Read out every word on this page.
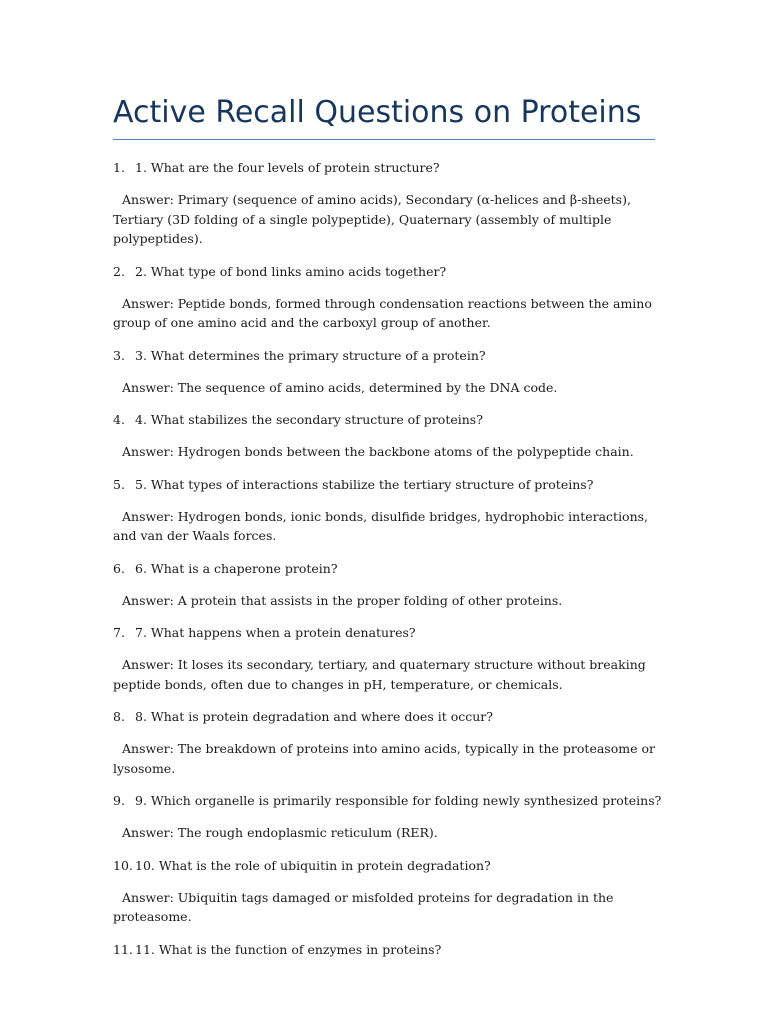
Active Recall Questions on Proteins
1. 1. What are the four levels of protein structure?

Answer: Primary (sequence of amino acids), Secondary (α-helices and β-sheets), Tertiary (3D folding of a single polypeptide), Quaternary (assembly of multiple polypeptides).

2. 2. What type of bond links amino acids together?

Answer: Peptide bonds, formed through condensation reactions between the amino group of one amino acid and the carboxyl group of another.

3. 3. What determines the primary structure of a protein?

Answer: The sequence of amino acids, determined by the DNA code.

4. 4. What stabilizes the secondary structure of proteins?

Answer: Hydrogen bonds between the backbone atoms of the polypeptide chain.

5. 5. What types of interactions stabilize the tertiary structure of proteins?

Answer: Hydrogen bonds, ionic bonds, disulfide bridges, hydrophobic interactions, and van der Waals forces.

6. 6. What is a chaperone protein?

Answer: A protein that assists in the proper folding of other proteins.

7. 7. What happens when a protein denatures?

Answer: It loses its secondary, tertiary, and quaternary structure without breaking peptide bonds, often due to changes in pH, temperature, or chemicals.

8. 8. What is protein degradation and where does it occur?

Answer: The breakdown of proteins into amino acids, typically in the proteasome or lysosome.

9. 9. Which organelle is primarily responsible for folding newly synthesized proteins?

Answer: The rough endoplasmic reticulum (RER).

10. 10. What is the role of ubiquitin in protein degradation?

Answer: Ubiquitin tags damaged or misfolded proteins for degradation in the proteasome.

11. 11. What is the function of enzymes in proteins?
